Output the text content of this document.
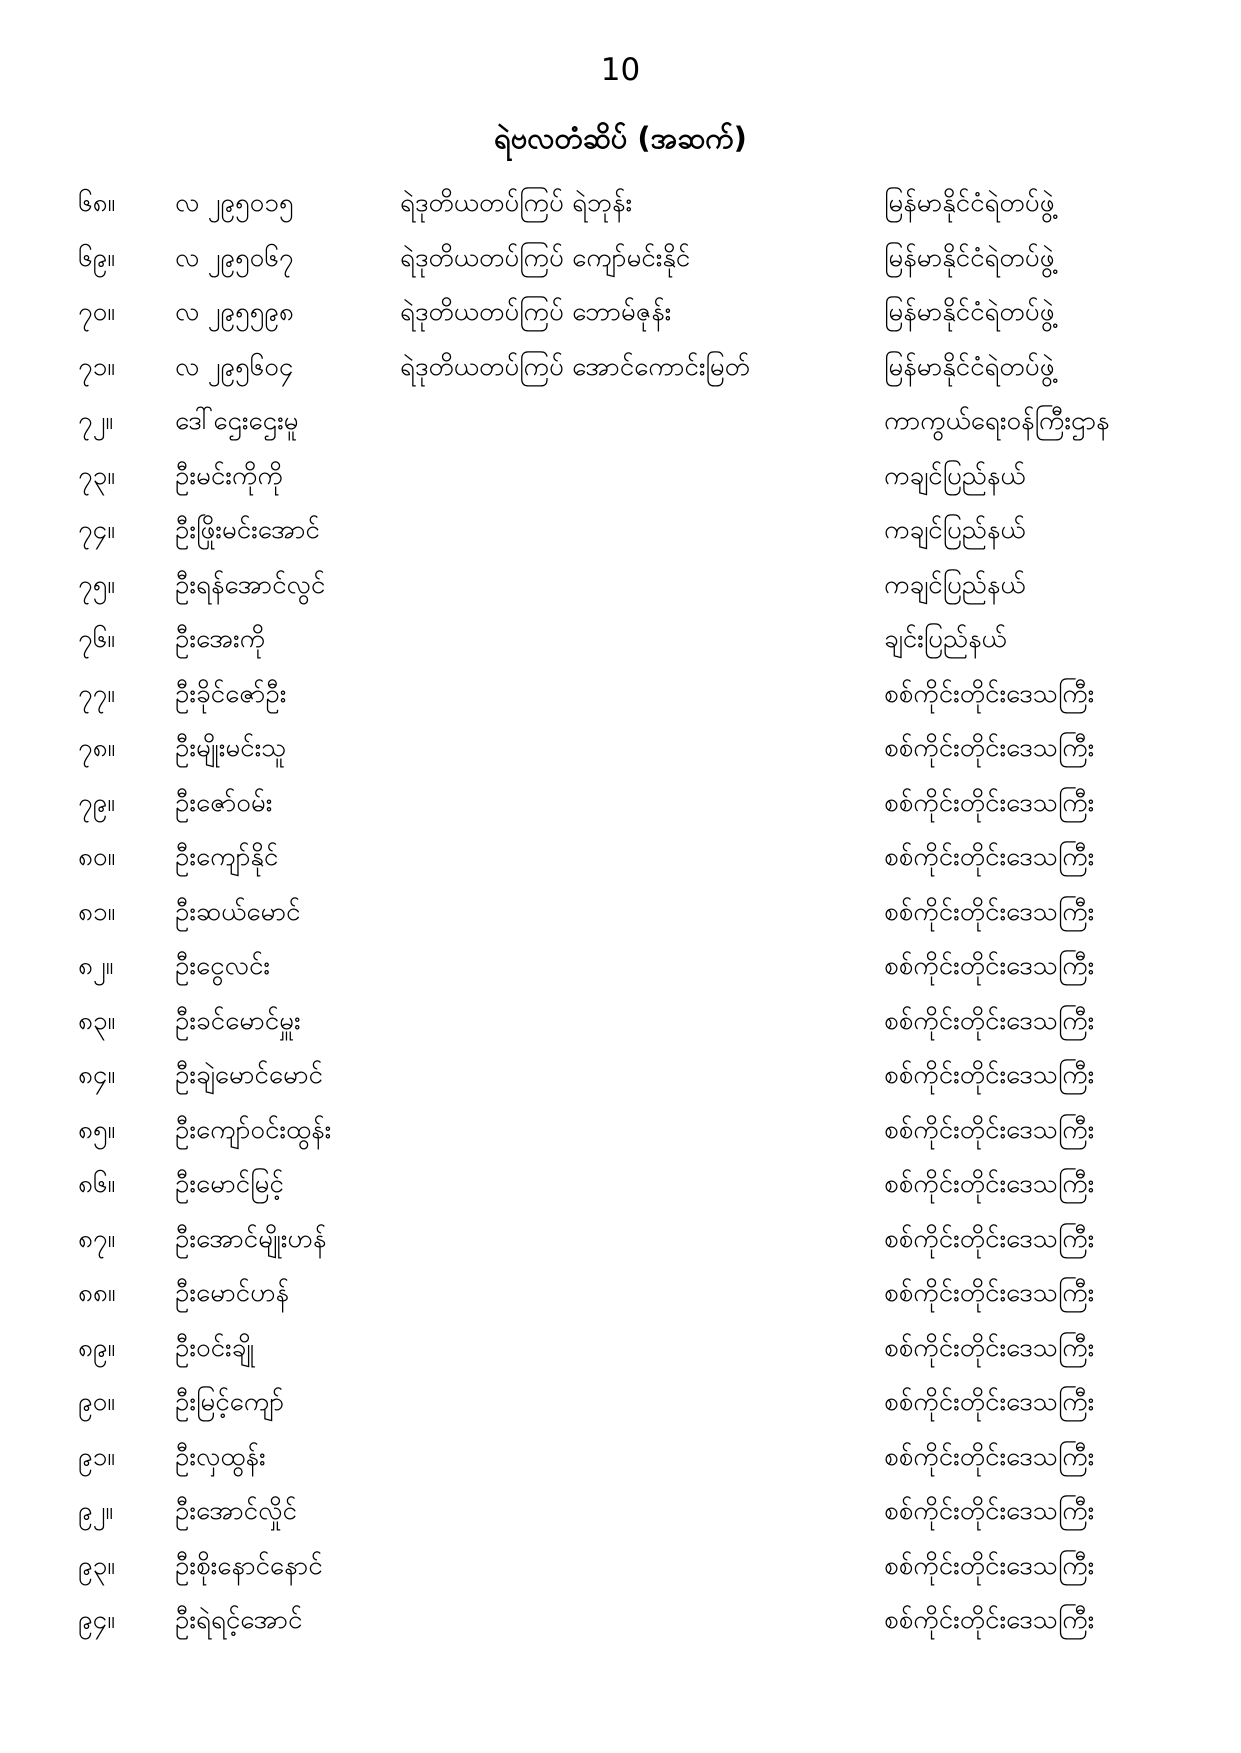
10
ရဲဗလတံဆိပ် (အဆက်)
၆၈။ လ ၂၉၅၀၁၅	ရဲဒုတိယတပ်ကြပ် ရဲဘုန်း	မြန်မာနိုင်ငံရဲတပ်ဖွဲ့
၆၉။ လ ၂၉၅၀၆၇	ရဲဒုတိယတပ်ကြပ် ကျော်မင်းနိုင်	မြန်မာနိုင်ငံရဲတပ်ဖွဲ့
၇၀။ လ ၂၉၅၅၉၈	ရဲဒုတိယတပ်ကြပ် ဘောမ်ဇုန်း	မြန်မာနိုင်ငံရဲတပ်ဖွဲ့
၇၁။ လ ၂၉၅၆၀၄	ရဲဒုတိယတပ်ကြပ် အောင်ကောင်းမြတ်	မြန်မာနိုင်ငံရဲတပ်ဖွဲ့
၇၂။ ဒေါ်ဌေးဌေးမူ	ကာကွယ်ရေးဝန်ကြီးဌာန
၇၃။ ဦးမင်းကိုကို	ကချင်ပြည်နယ်
၇၄။ ဦးဖြိုးမင်းအောင်	ကချင်ပြည်နယ်
၇၅။ ဦးရန်အောင်လွင်	ကချင်ပြည်နယ်
၇၆။ ဦးအေးကို	ချင်းပြည်နယ်
၇၇။ ဦးခိုင်ဇော်ဦး	စစ်ကိုင်းတိုင်းဒေသကြီး
၇၈။ ဦးမျိုးမင်းသူ	စစ်ကိုင်းတိုင်းဒေသကြီး
၇၉။ ဦးဇော်ဝမ်း	စစ်ကိုင်းတိုင်းဒေသကြီး
၈၀။ ဦးကျော်နိုင်	စစ်ကိုင်းတိုင်းဒေသကြီး
၈၁။ ဦးဆယ်မောင်	စစ်ကိုင်းတိုင်းဒေသကြီး
၈၂။ ဦးငွေလင်း	စစ်ကိုင်းတိုင်းဒေသကြီး
၈၃။ ဦးခင်မောင်မှူး	စစ်ကိုင်းတိုင်းဒေသကြီး
၈၄။ ဦးချဲမောင်မောင်	စစ်ကိုင်းတိုင်းဒေသကြီး
၈၅။ ဦးကျော်ဝင်းထွန်း	စစ်ကိုင်းတိုင်းဒေသကြီး
၈၆။ ဦးမောင်မြင့်	စစ်ကိုင်းတိုင်းဒေသကြီး
၈၇။ ဦးအောင်မျိုးဟန်	စစ်ကိုင်းတိုင်းဒေသကြီး
၈၈။ ဦးမောင်ဟန်	စစ်ကိုင်းတိုင်းဒေသကြီး
၈၉။ ဦးဝင်းချို	စစ်ကိုင်းတိုင်းဒေသကြီး
၉၀။ ဦးမြင့်ကျော်	စစ်ကိုင်းတိုင်းဒေသကြီး
၉၁။ ဦးလှထွန်း	စစ်ကိုင်းတိုင်းဒေသကြီး
၉၂။ ဦးအောင်လှိုင်	စစ်ကိုင်းတိုင်းဒေသကြီး
၉၃။ ဦးစိုးနောင်နောင်	စစ်ကိုင်းတိုင်းဒေသကြီး
၉၄။ ဦးရဲရင့်အောင်	စစ်ကိုင်းတိုင်းဒေသကြီး
